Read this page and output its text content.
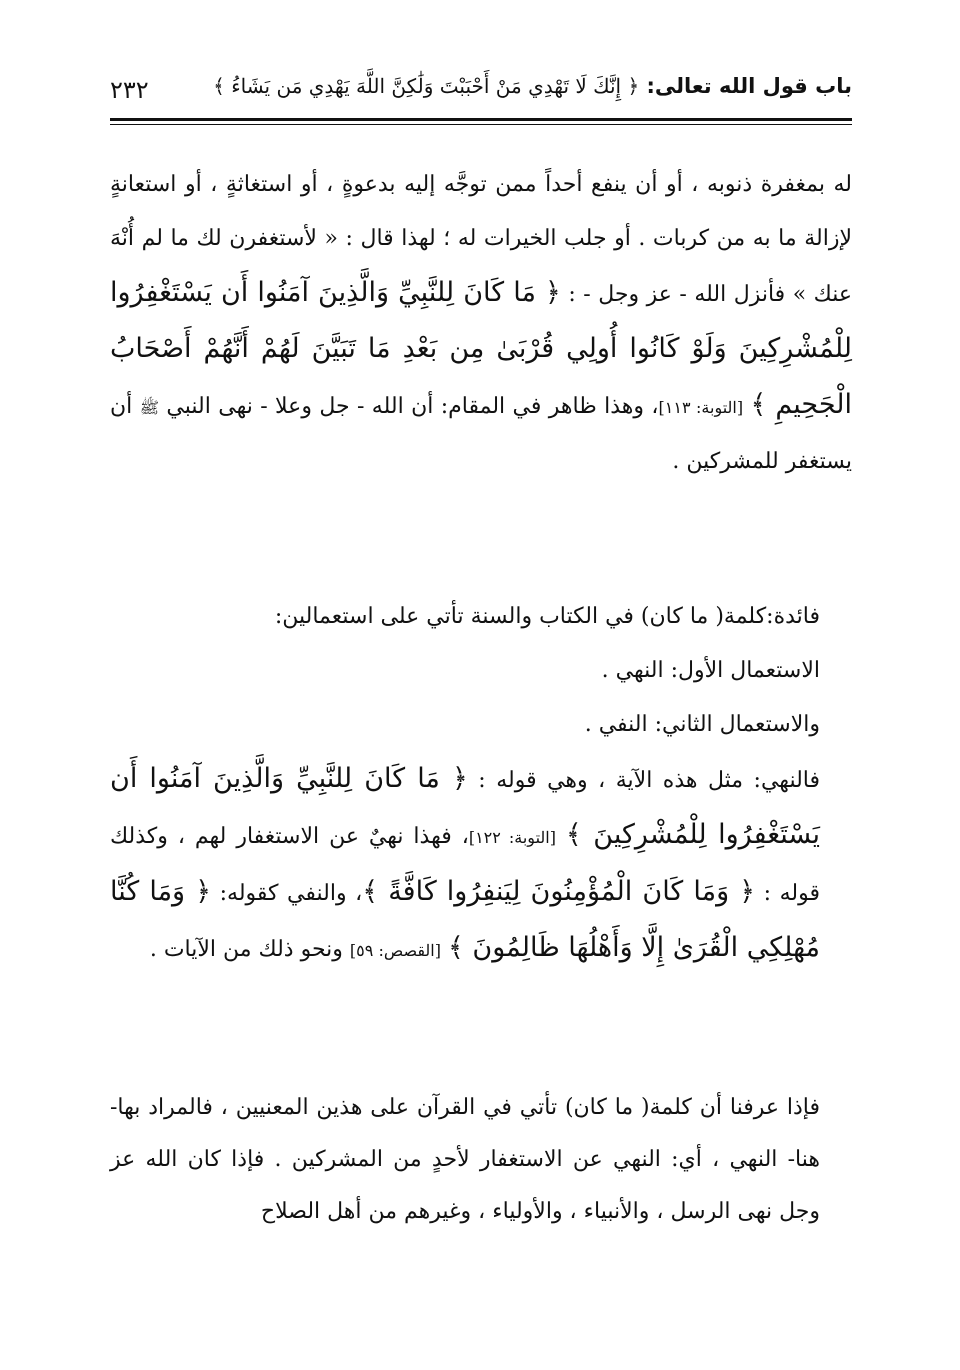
باب قول الله تعالى: ﴿ إِنَّكَ لَا تَهْدِي مَنْ أَحْبَبْتَ وَلَٰكِنَّ اللَّهَ يَهْدِي مَن يَشَاءُ ﴾
٢٣٢

له بمغفرة ذنوبه ، أو أن ينفع أحداً ممن توجَّه إليه بدعوةٍ ، أو استغاثةٍ ، أو استعانةٍ لإزالة ما به من كربات . أو جلب الخيرات له ؛ لهذا قال : « لأستغفرن لك ما لم أُنْهَ عنك » فأنزل الله - عز وجل - : ﴿ مَا كَانَ لِلنَّبِيِّ وَالَّذِينَ آمَنُوا أَن يَسْتَغْفِرُوا لِلْمُشْرِكِينَ وَلَوْ كَانُوا أُولِي قُرْبَىٰ مِن بَعْدِ مَا تَبَيَّنَ لَهُمْ أَنَّهُمْ أَصْحَابُ الْجَحِيمِ ﴾ [التوبة: ١١٣]، وهذا ظاهر في المقام: أن الله - جل وعلا - نهى النبي ﷺ أن يستغفر للمشركين .

فائدة:كلمة( ما كان) في الكتاب والسنة تأتي على استعمالين:

الاستعمال الأول: النهي .

والاستعمال الثاني: النفي .

فالنهي: مثل هذه الآية ، وهي قوله : ﴿ مَا كَانَ لِلنَّبِيِّ وَالَّذِينَ آمَنُوا أَن يَسْتَغْفِرُوا لِلْمُشْرِكِينَ ﴾ [التوبة: ١٢٢]، فهذا نهيٌ عن الاستغفار لهم ، وكذلك قوله : ﴿ وَمَا كَانَ الْمُؤْمِنُونَ لِيَنفِرُوا كَافَّةً ﴾، والنفي كقوله: ﴿ وَمَا كُنَّا مُهْلِكِي الْقُرَىٰ إِلَّا وَأَهْلُهَا ظَالِمُونَ ﴾ [القصص: ٥٩] ونحو ذلك من الآيات .

فإذا عرفنا أن كلمة( ما كان) تأتي في القرآن على هذين المعنيين ، فالمراد بها- هنا- النهي ، أي: النهي عن الاستغفار لأحدٍ من المشركين . فإذا كان الله عز وجل نهى الرسل ، والأنبياء ، والأولياء ، وغيرهم من أهل الصلاح
